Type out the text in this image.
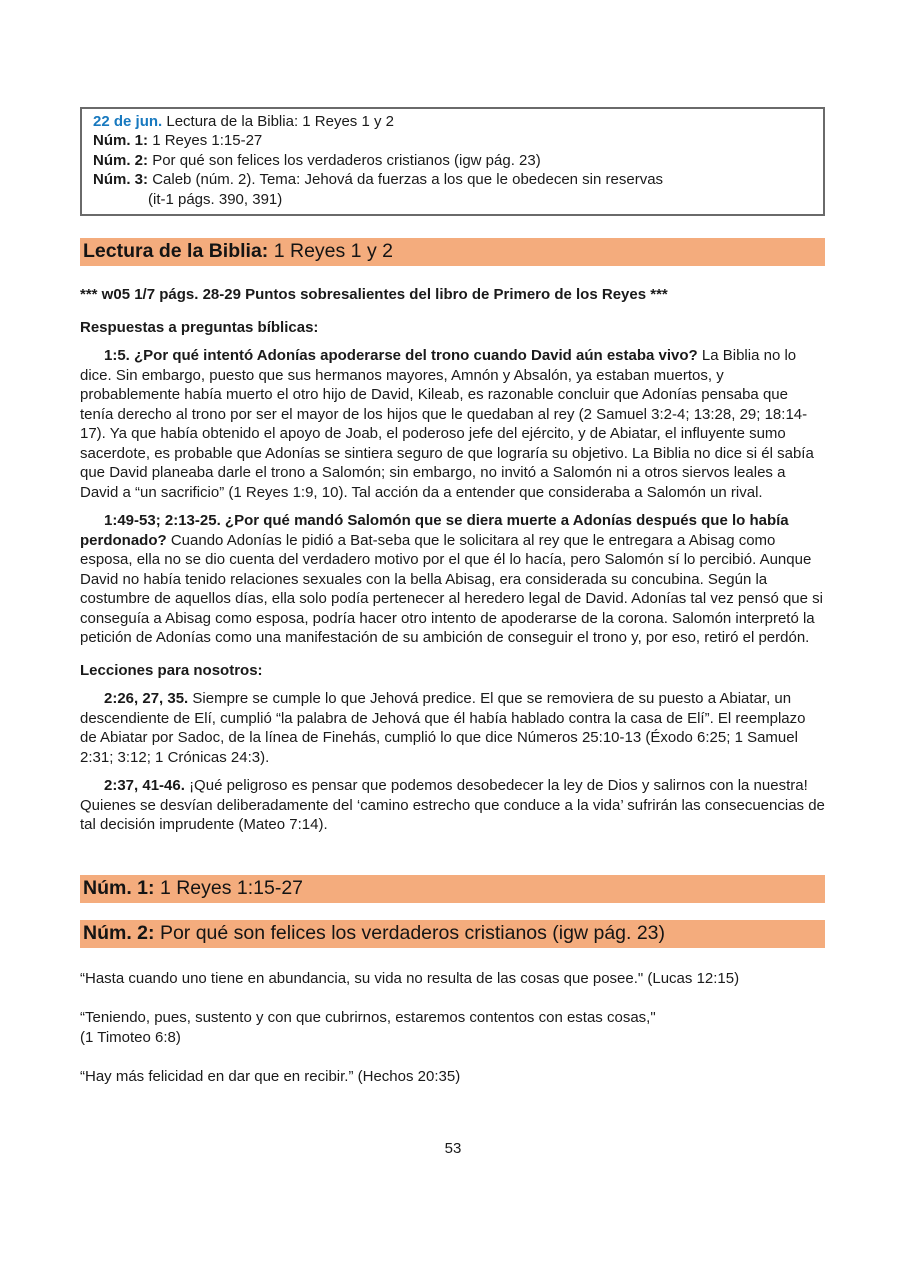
22 de jun. Lectura de la Biblia: 1 Reyes 1 y 2
Núm. 1: 1 Reyes 1:15-27
Núm. 2: Por qué son felices los verdaderos cristianos (igw pág. 23)
Núm. 3: Caleb (núm. 2). Tema: Jehová da fuerzas a los que le obedecen sin reservas
(it-1 págs. 390, 391)
Lectura de la Biblia: 1 Reyes 1 y 2
*** w05 1/7 págs. 28-29 Puntos sobresalientes del libro de Primero de los Reyes ***
Respuestas a preguntas bíblicas:

1:5. ¿Por qué intentó Adonías apoderarse del trono cuando David aún estaba vivo? La Biblia no lo dice. Sin embargo, puesto que sus hermanos mayores, Amnón y Absalón, ya estaban muertos, y probablemente había muerto el otro hijo de David, Kileab, es razonable concluir que Adonías pensaba que tenía derecho al trono por ser el mayor de los hijos que le quedaban al rey (2 Samuel 3:2-4; 13:28, 29; 18:14-17). Ya que había obtenido el apoyo de Joab, el poderoso jefe del ejército, y de Abiatar, el influyente sumo sacerdote, es probable que Adonías se sintiera seguro de que lograría su objetivo. La Biblia no dice si él sabía que David planeaba darle el trono a Salomón; sin embargo, no invitó a Salomón ni a otros siervos leales a David a “un sacrificio” (1 Reyes 1:9, 10). Tal acción da a entender que consideraba a Salomón un rival.

1:49-53; 2:13-25. ¿Por qué mandó Salomón que se diera muerte a Adonías después que lo había perdonado? Cuando Adonías le pidió a Bat-seba que le solicitara al rey que le entregara a Abisag como esposa, ella no se dio cuenta del verdadero motivo por el que él lo hacía, pero Salomón sí lo percibió. Aunque David no había tenido relaciones sexuales con la bella Abisag, era considerada su concubina. Según la costumbre de aquellos días, ella solo podía pertenecer al heredero legal de David. Adonías tal vez pensó que si conseguía a Abisag como esposa, podría hacer otro intento de apoderarse de la corona. Salomón interpretó la petición de Adonías como una manifestación de su ambición de conseguir el trono y, por eso, retiró el perdón.

Lecciones para nosotros:

2:26, 27, 35. Siempre se cumple lo que Jehová predice. El que se removiera de su puesto a Abiatar, un descendiente de Elí, cumplió “la palabra de Jehová que él había hablado contra la casa de Elí”. El reemplazo de Abiatar por Sadoc, de la línea de Finehás, cumplió lo que dice Números 25:10-13 (Éxodo 6:25; 1 Samuel 2:31; 3:12; 1 Crónicas 24:3).

2:37, 41-46. ¡Qué peligroso es pensar que podemos desobedecer la ley de Dios y salirnos con la nuestra! Quienes se desvían deliberadamente del ‘camino estrecho que conduce a la vida’ sufrirán las consecuencias de tal decisión imprudente (Mateo 7:14).

Núm. 1: 1 Reyes 1:15-27
Núm. 2: Por qué son felices los verdaderos cristianos (igw pág. 23)
“Hasta cuando uno tiene en abundancia, su vida no resulta de las cosas que posee." (Lucas 12:15)
“Teniendo, pues, sustento y con que cubrirnos, estaremos contentos con estas cosas,"
(1 Timoteo 6:8)
“Hay más felicidad en dar que en recibir.” (Hechos 20:35)
53
